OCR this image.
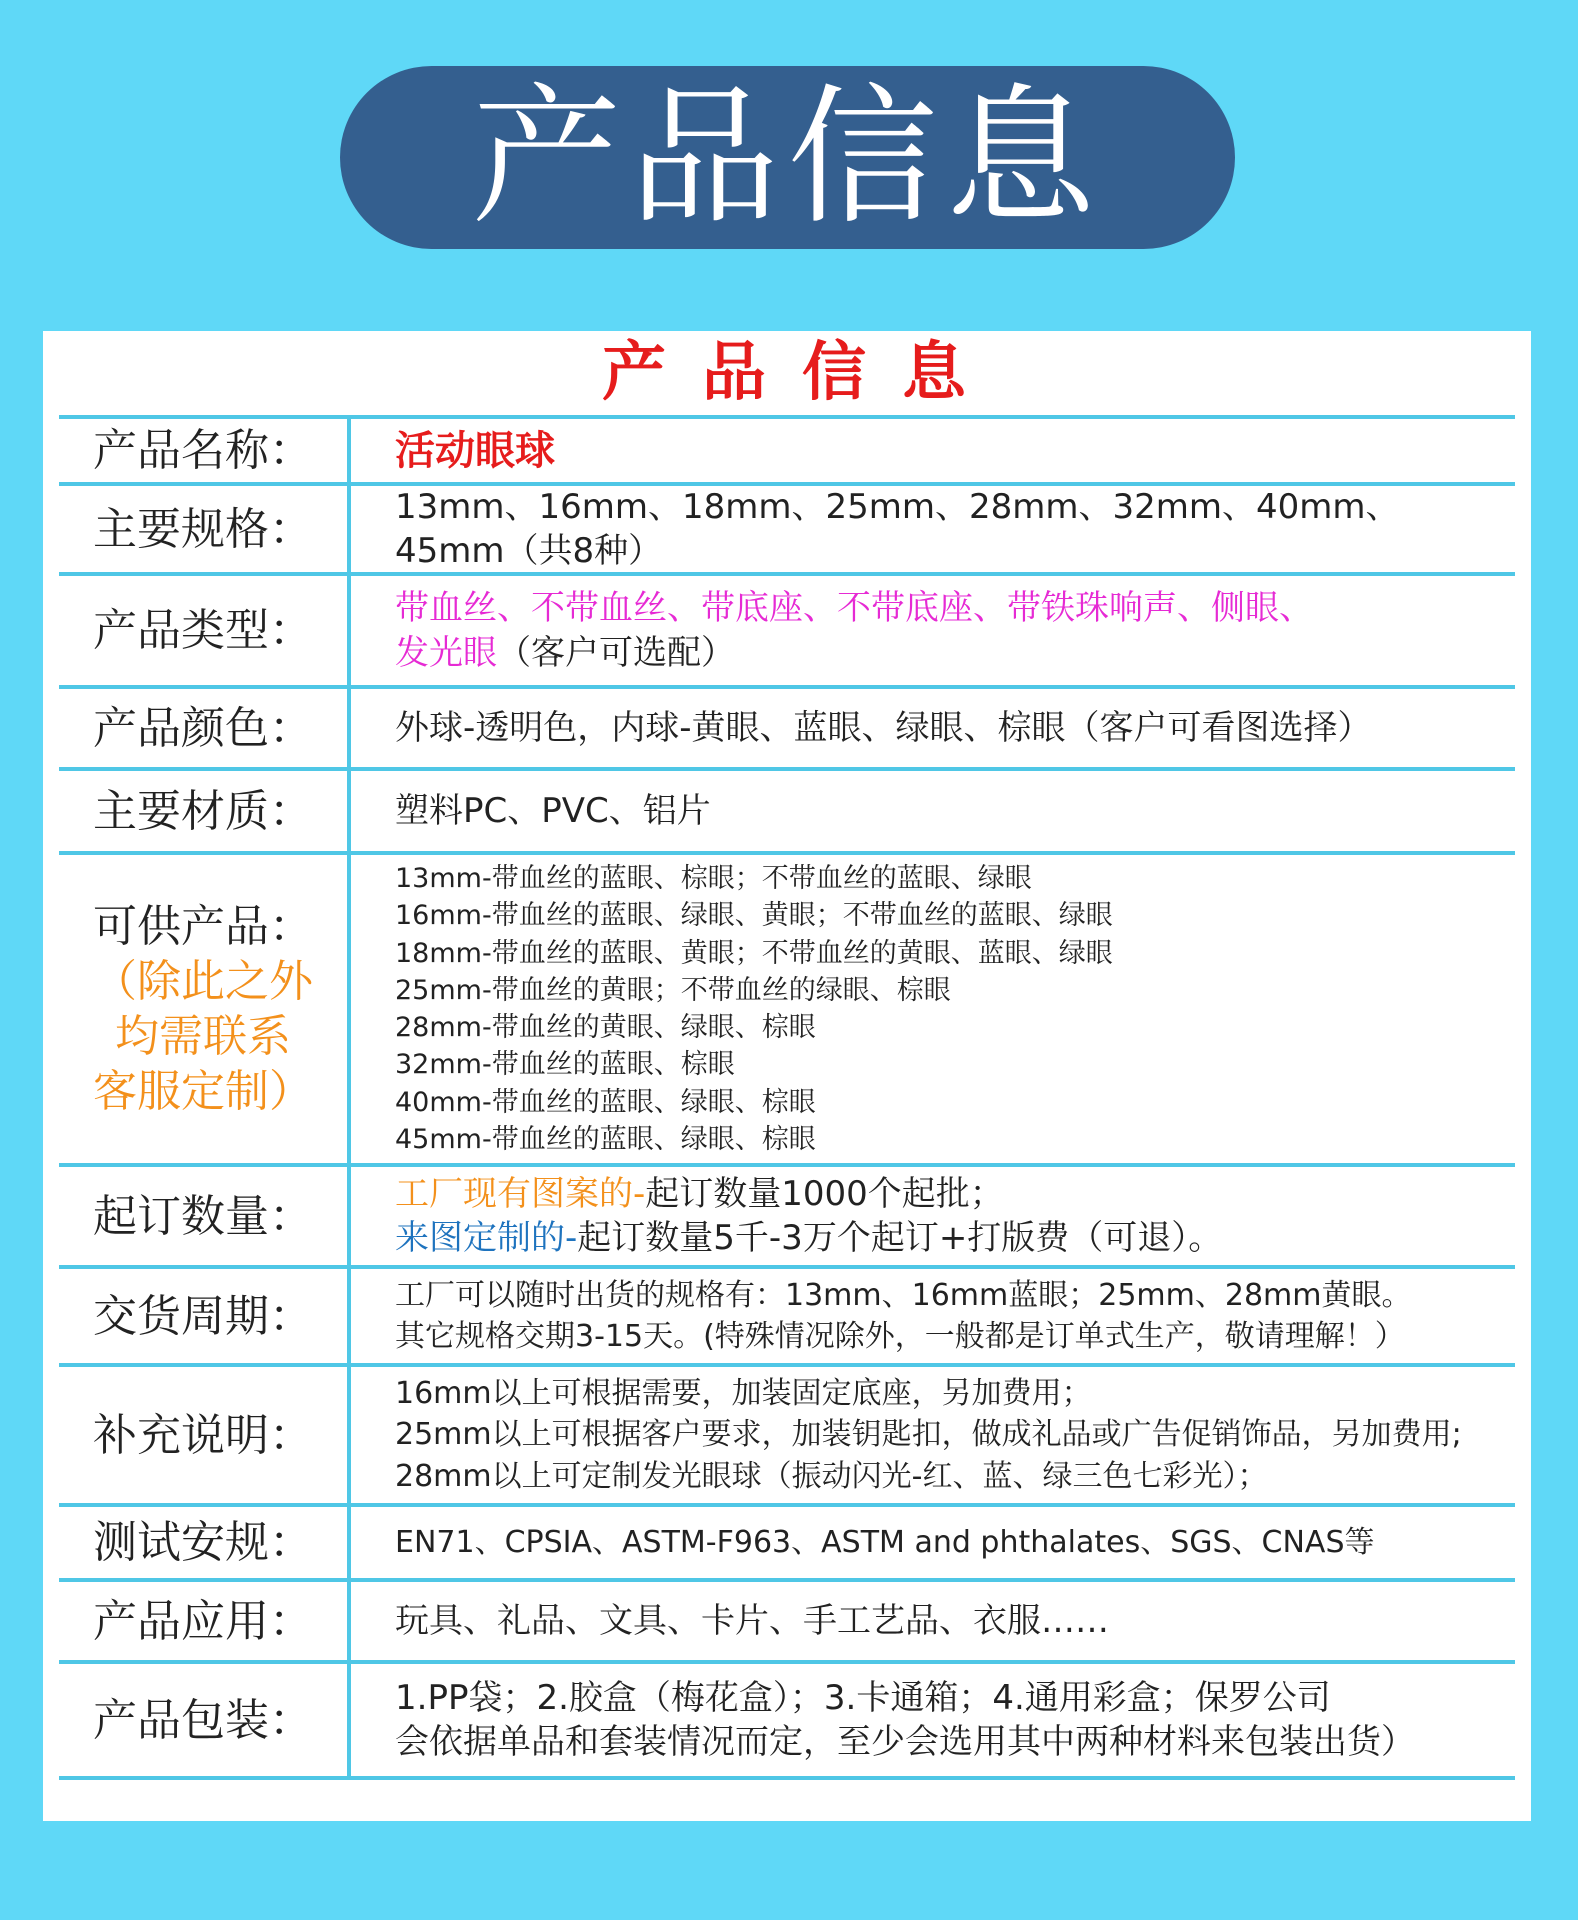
产品信息
产品信息
产品名称：	活动眼球
主要规格：	13mm、16mm、18mm、25mm、28mm、32mm、40mm、45mm（共8种）
产品类型：	带血丝、不带血丝、带底座、不带底座、带铁珠响声、侧眼、
发光眼（客户可选配）
产品颜色：	外球-透明色，内球-黄眼、蓝眼、绿眼、棕眼（客户可看图选择）
主要材质：	塑料PC、PVC、铝片
可供产品：
（除此之外
均需联系
客服定制）
13mm-带血丝的蓝眼、棕眼；不带血丝的蓝眼、绿眼
16mm-带血丝的蓝眼、绿眼、黄眼；不带血丝的蓝眼、绿眼
18mm-带血丝的蓝眼、黄眼；不带血丝的黄眼、蓝眼、绿眼
25mm-带血丝的黄眼；不带血丝的绿眼、棕眼
28mm-带血丝的黄眼、绿眼、棕眼
32mm-带血丝的蓝眼、棕眼
40mm-带血丝的蓝眼、绿眼、棕眼
45mm-带血丝的蓝眼、绿眼、棕眼
起订数量：	工厂现有图案的-起订数量1000个起批；
来图定制的-起订数量5千-3万个起订+打版费（可退）。
交货周期：	工厂可以随时出货的规格有：13mm、16mm蓝眼；25mm、28mm黄眼。
其它规格交期3-15天。(特殊情况除外，一般都是订单式生产，敬请理解！）
补充说明：
16mm以上可根据需要，加装固定底座，另加费用；
25mm以上可根据客户要求，加装钥匙扣，做成礼品或广告促销饰品，另加费用;
28mm以上可定制发光眼球（振动闪光-红、蓝、绿三色七彩光）；
测试安规：	EN71、CPSIA、ASTM-F963、ASTM and phthalates、SGS、CNAS等
产品应用：	玩具、礼品、文具、卡片、手工艺品、衣服……
产品包装：	1.PP袋；2.胶盒（梅花盒）；3.卡通箱；4.通用彩盒；保罗公司
会依据单品和套装情况而定，至少会选用其中两种材料来包装出货）
